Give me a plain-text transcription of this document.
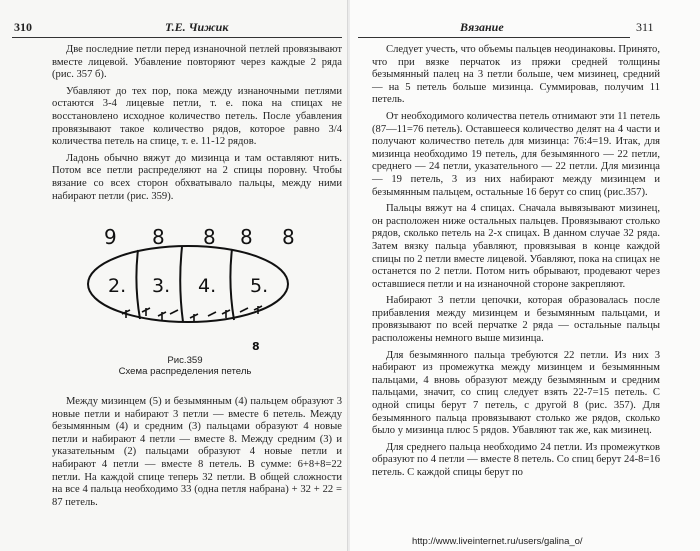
310	Т.Е. Чижик

Две последние петли перед изнаночной петлей провязывают вместе лицевой. Убавление повторяют через каждые 2 ряда (рис. 357 б).

Убавляют до тех пор, пока между изнаночными петлями остаются 3-4 лицевые петли, т. е. пока на спицах не восстановлено исходное количество петель. После убавления провязывают такое количество рядов, которое равно 3/4 количества петель на спице, т. е. 11-12 рядов.

Ладонь обычно вяжут до мизинца и там оставляют нить. Потом все петли распределяют на 2 спицы поровну. Чтобы вязание со всех сторон обхватывало пальцы, между ними набирают петли (рис. 359).

9 8 8 8 8
2. 3. 4. 5.
8
Рис.359
Схема распределения петель

Между мизинцем (5) и безымянным (4) пальцем образуют 3 новые петли и набирают 3 петли — вместе 6 петель. Между безымянным (4) и средним (3) пальцами образуют 4 новые петли и набирают 4 петли — вместе 8. Между средним (3) и указательным (2) пальцами образуют 4 новые петли и набирают 4 петли — вместе 8 петель. В сумме: 6+8+8=22 петли. На каждой спице теперь 32 петли. В общей сложности на все 4 пальца необходимо 33 (одна петля набрана) + 32 + 22 = 87 петель.

Вязание	311

Следует учесть, что объемы пальцев неодинаковы. Принято, что при вязке перчаток из пряжи средней толщины безымянный палец на 3 петли больше, чем мизинец, средний — на 5 петель больше мизинца. Суммировав, получим 11 петель.

От необходимого количества петель отнимают эти 11 петель (87—11=76 петель). Оставшееся количество делят на 4 части и получают количество петель для мизинца: 76:4=19. Итак, для мизинца необходимо 19 петель, для безымянного — 22 петли, среднего — 24 петли, указательного — 22 петли. Для мизинца — 19 петель, 3 из них набирают между мизинцем и безымянным пальцем, остальные 16 берут со спиц (рис.357).

Пальцы вяжут на 4 спицах. Сначала вывязывают мизинец, он расположен ниже остальных пальцев. Провязывают столько рядов, сколько петель на 2-х спицах. В данном случае 32 ряда. Затем вязку пальца убавляют, провязывая в конце каждой спицы по 2 петли вместе лицевой. Убавляют, пока на спицах не останется по 2 петли. Потом нить обрывают, продевают через оставшиеся петли и на изнаночной стороне закрепляют.

Набирают 3 петли цепочки, которая образовалась после прибавления между мизинцем и безымянным пальцами, и провязывают по всей перчатке 2 ряда — остальные пальцы расположены немного выше мизинца.

Для безымянного пальца требуются 22 петли. Из них 3 набирают из промежутка между мизинцем и безымянным пальцами, 4 вновь образуют между безымянным и средним пальцами, значит, со спиц следует взять 22-7=15 петель. С одной спицы берут 7 петель, с другой 8 (рис. 357). Для безымянного пальца провязывают столько же рядов, сколько было у мизинца плюс 5 рядов. Убавляют так же, как мизинец.

Для среднего пальца необходимо 24 петли. Из промежутков образуют по 4 петли — вместе 8 петель. Со спиц берут 24-8=16 петель. С каждой спицы берут по

http://www.liveinternet.ru/users/galina_o/
